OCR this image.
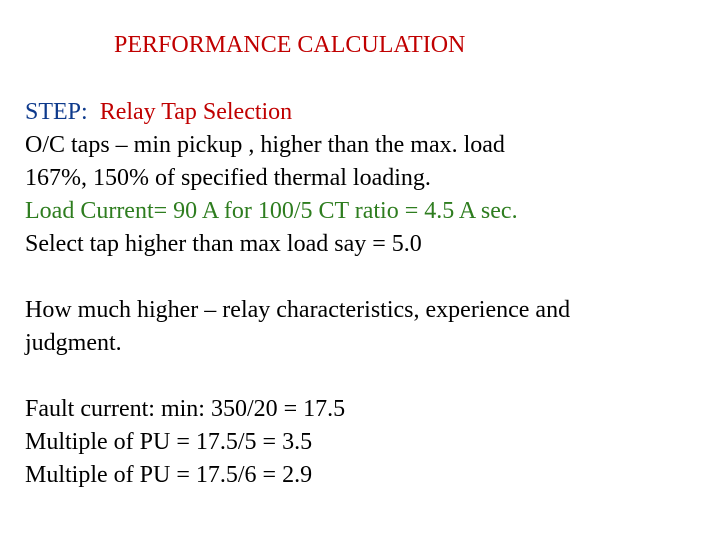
PERFORMANCE CALCULATION
STEP: Relay Tap Selection
O/C taps – min pickup , higher than the max. load
167%, 150% of specified thermal loading.
Load Current= 90 A for 100/5 CT ratio = 4.5 A sec.
Select tap higher than max load say = 5.0
How much higher – relay characteristics, experience and
judgment.
Fault current: min: 350/20 = 17.5
Multiple of PU = 17.5/5 = 3.5
Multiple of PU = 17.5/6 = 2.9
